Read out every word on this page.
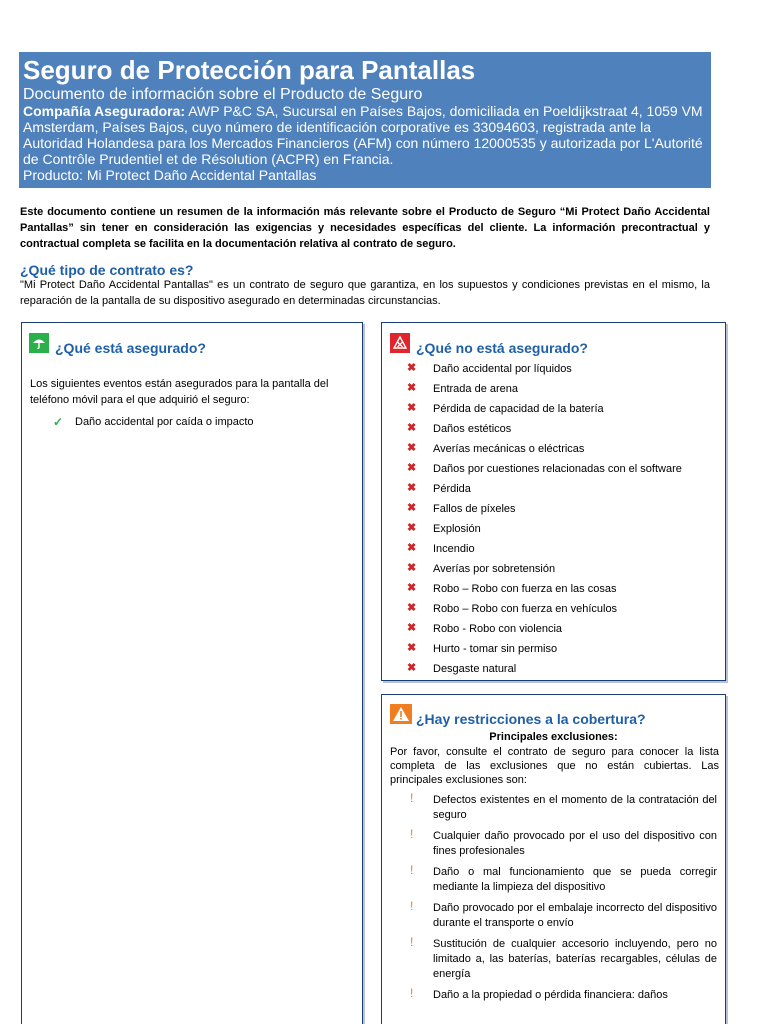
Seguro de Protección para Pantallas
Documento de información sobre el Producto de Seguro
Compañía Aseguradora: AWP P&C SA, Sucursal en Países Bajos, domiciliada en Poeldijkstraat 4, 1059 VM Amsterdam, Países Bajos, cuyo número de identificación corporative es 33094603, registrada ante la Autoridad Holandesa para los Mercados Financieros (AFM) con número 12000535 y autorizada por L'Autorité de Contrôle Prudentiel et de Résolution (ACPR) en Francia.
Producto: Mi Protect Daño Accidental Pantallas
Este documento contiene un resumen de la información más relevante sobre el Producto de Seguro “Mi Protect Daño Accidental Pantallas” sin tener en consideración las exigencias y necesidades específicas del cliente. La información precontractual y contractual completa se facilita en la documentación relativa al contrato de seguro.
¿Qué tipo de contrato es?
"Mi Protect Daño Accidental Pantallas" es un contrato de seguro que garantiza, en los supuestos y condiciones previstas en el mismo, la reparación de la pantalla de su dispositivo asegurado en determinadas circunstancias.
¿Qué está asegurado?
Los siguientes eventos están asegurados para la pantalla del teléfono móvil para el que adquirió el seguro:
✓ Daño accidental por caída o impacto
¿Qué no está asegurado?
✖ Daño accidental por líquidos
✖ Entrada de arena
✖ Pérdida de capacidad de la batería
✖ Daños estéticos
✖ Averías mecánicas o eléctricas
✖ Daños por cuestiones relacionadas con el software
✖ Pérdida
✖ Fallos de píxeles
✖ Explosión
✖ Incendio
✖ Averías por sobretensión
✖ Robo – Robo con fuerza en las cosas
✖ Robo – Robo con fuerza en vehículos
✖ Robo - Robo con violencia
✖ Hurto - tomar sin permiso
✖ Desgaste natural
¿Hay restricciones a la cobertura?
Principales exclusiones:
Por favor, consulte el contrato de seguro para conocer la lista completa de las exclusiones que no están cubiertas. Las principales exclusiones son:
! Defectos existentes en el momento de la contratación del seguro
! Cualquier daño provocado por el uso del dispositivo con fines profesionales
! Daño o mal funcionamiento que se pueda corregir mediante la limpieza del dispositivo
! Daño provocado por el embalaje incorrecto del dispositivo durante el transporte o envío
! Sustitución de cualquier accesorio incluyendo, pero no limitado a, las baterías, baterías recargables, células de energía
! Daño a la propiedad o pérdida financiera: daños
